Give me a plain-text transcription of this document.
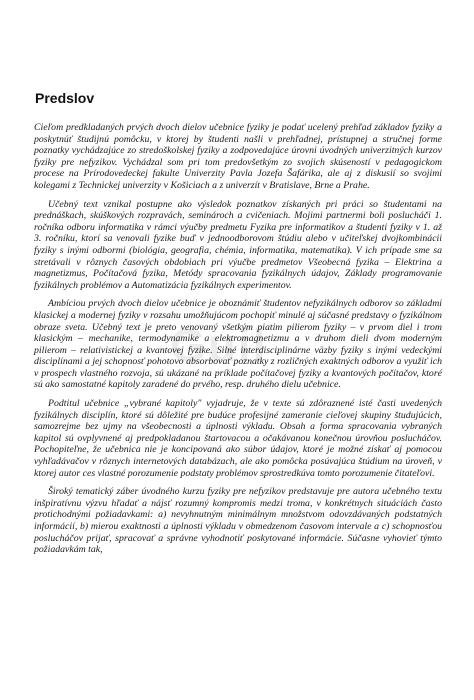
Predslov

Cieľom predkladaných prvých dvoch dielov učebnice fyziky je podať ucelený prehľad základov fyziky a poskytnúť študijnú pomôcku, v ktorej by študenti našli v prehľadnej, prístupnej a stručnej forme poznatky vychádzajúce zo stredoškolskej fyziky a zodpovedajúce úrovni úvodných univerzitných kurzov fyziky pre nefyzikov. Vychádzal som pri tom predovšetkým zo svojich skúseností v pedagogickom procese na Prírodovedeckej fakulte Univerzity Pavla Jozefa Šafárika, ale aj z diskusií so svojimi kolegami z Technickej univerzity v Košiciach a z univerzít v Bratislave, Brne a Prahe.

Učebný text vznikal postupne ako výsledok poznatkov získaných pri práci so študentami na prednáškach, skúškových rozpravách, seminároch a cvičeniach. Mojimi partnermi boli poslucháči 1. ročníka odboru informatika v rámci výučby predmetu Fyzika pre informatikov a študenti fyziky v 1. až 3. ročníku, ktorí sa venovali fyzike buď v jednoodborovom štúdiu alebo v učiteľskej dvojkombinácii fyziky s inými odbormi (biológia, geografia, chémia, informatika, matematika). V ich prípade sme sa stretávali v rôznych časových obdobiach pri výučbe predmetov Všeobecná fyzika – Elektrina a magnetizmus, Počítačová fyzika, Metódy spracovania fyzikálnych údajov, Základy programovanie fyzikálnych problémov a Automatizácia fyzikálnych experimentov.

Ambíciou prvých dvoch dielov učebnice je oboznámiť študentov nefyzikálnych odborov so základmi klasickej a modernej fyziky v rozsahu umožňujúcom pochopiť minulé aj súčasné predstavy o fyzikálnom obraze sveta. Učebný text je preto venovaný všetkým piatim pilierom fyziky – v prvom diel i trom klasickým – mechanike, termodynamike a elektromagnetizmu a v druhom dieli dvom moderným pilierom – relativistickej a kvantovej fyzike. Silné interdisciplinárne väzby fyziky s inými vedeckými disciplínami a jej schopnosť pohotovo absorbovať poznatky z rozličných exaktných odborov a využiť ich v prospech vlastného rozvoja, sú ukázané na príklade počítačovej fyziky a kvantových počítačov, ktoré sú ako samostatné kapitoly zaradené do prvého, resp. druhého dielu učebnice.

Podtitul učebnice „vybrané kapitoly" vyjadruje, že v texte sú zdôraznené isté časti uvedených fyzikálnych disciplín, ktoré sú dôležité pre budúce profesijné zameranie cieľovej skupiny študujúcich, samozrejme bez ujmy na všeobecnosti a úplnosti výkladu. Obsah a forma spracovania vybraných kapitol sú ovplyvnené aj predpokladanou štartovacou a očakávanou konečnou úrovňou poslucháčov. Pochopiteľne, že učebnica nie je koncipovaná ako súbor údajov, ktoré je možné získať aj pomocou vyhľadávačov v rôznych internetových databázach, ale ako pomôcka posúvajúca štúdium na úroveň, v ktorej autor ces vlastné porozumenie podstaty problémov sprostredkúva tomto porozumenie čitateľovi.

Široký tematický záber úvodného kurzu fyziky pre nefyzikov predstavuje pre autora učebného textu inšpiratívnu výzvu hľadať a nájsť rozumný kompromis medzi troma, v konkrétnych situáciách často protichodnými požiadavkami: a) nevyhnutným minimálnym množstvom odovzdávaných podstatných informácií, b) mierou exaktnosti a úplnosti výkladu v obmedzenom časovom intervale a c) schopnosťou poslucháčov prijať, spracovať a správne vyhodnotiť poskytované informácie. Súčasne vyhovieť týmto požiadavkám tak,

Guil
